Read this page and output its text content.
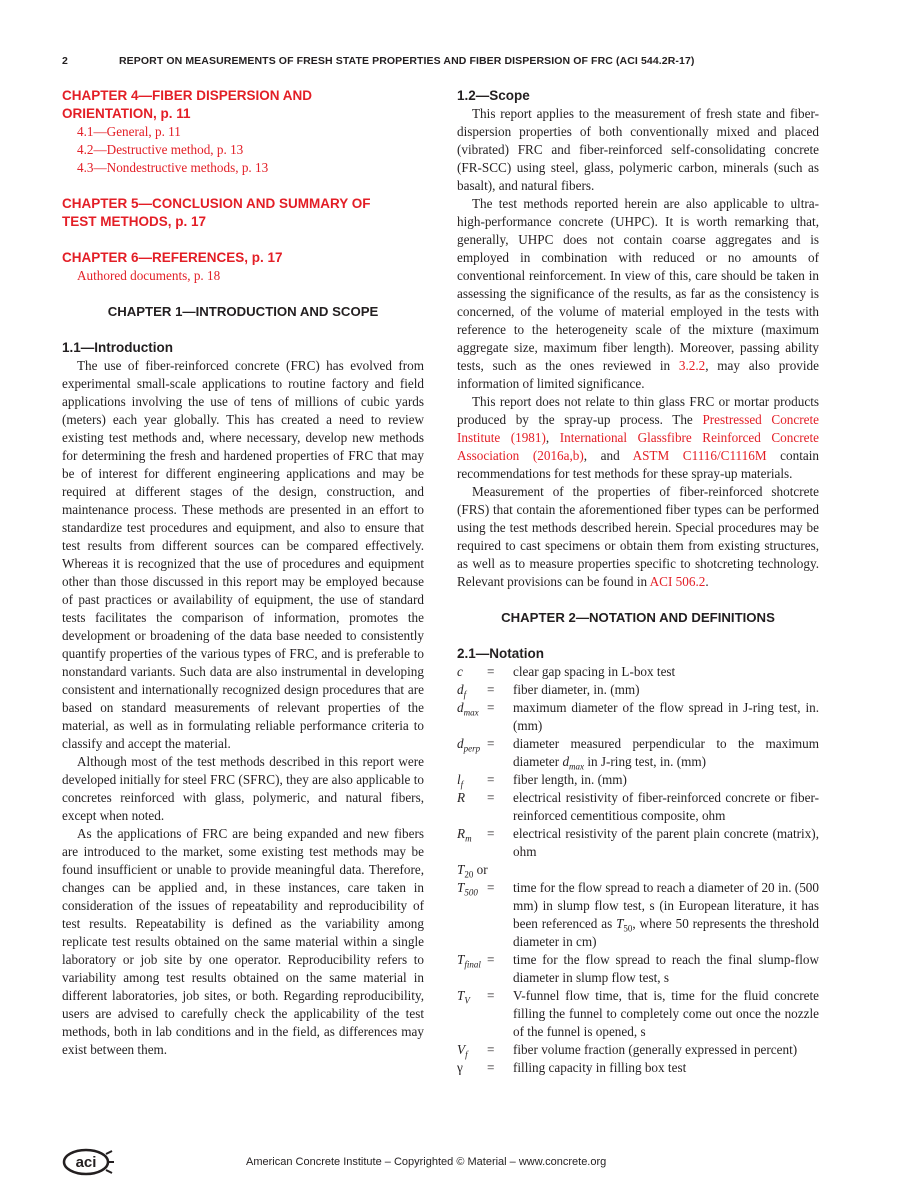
2	REPORT ON MEASUREMENTS OF FRESH STATE PROPERTIES AND FIBER DISPERSION OF FRC (ACI 544.2R-17)
CHAPTER 4—FIBER DISPERSION AND
ORIENTATION, p. 11
4.1—General, p. 11
4.2—Destructive method, p. 13
4.3—Nondestructive methods, p. 13
CHAPTER 5—CONCLUSION AND SUMMARY OF
TEST METHODS, p. 17
CHAPTER 6—REFERENCES, p. 17
Authored documents, p. 18
CHAPTER 1—INTRODUCTION AND SCOPE
1.1—Introduction

The use of fiber-reinforced concrete (FRC) has evolved from experimental small-scale applications to routine factory and field applications involving the use of tens of millions of cubic yards (meters) each year globally. This has created a need to review existing test methods and, where necessary, develop new methods for determining the fresh and hardened properties of FRC that may be of interest for different engineering applications and may be required at different stages of the design, construction, and maintenance process. These methods are presented in an effort to standardize test procedures and equipment, and also to ensure that test results from different sources can be compared effectively. Whereas it is recognized that the use of procedures and equipment other than those discussed in this report may be employed because of past practices or availability of equipment, the use of standard tests facilitates the comparison of information, promotes the development or broadening of the data base needed to consistently quantify properties of the various types of FRC, and is preferable to nonstandard variants. Such data are also instrumental in developing consistent and internationally recognized design procedures that are based on standard measurements of relevant properties of the material, as well as in formulating reliable performance criteria to classify and accept the material.

Although most of the test methods described in this report were developed initially for steel FRC (SFRC), they are also applicable to concretes reinforced with glass, polymeric, and natural fibers, except when noted.

As the applications of FRC are being expanded and new fibers are introduced to the market, some existing test methods may be found insufficient or unable to provide meaningful data. Therefore, changes can be applied and, in these instances, care taken in consideration of the issues of repeatability and reproducibility of test results. Repeatability is defined as the variability among replicate test results obtained on the same material within a single laboratory or job site by one operator. Reproducibility refers to variability among test results obtained on the same material in different laboratories, job sites, or both. Regarding reproducibility, users are advised to carefully check the applicability of the test methods, both in lab conditions and in the field, as differences may exist between them.

1.2—Scope

This report applies to the measurement of fresh state and fiber-dispersion properties of both conventionally mixed and placed (vibrated) FRC and fiber-reinforced self-consolidating concrete (FR-SCC) using steel, glass, polymeric carbon, minerals (such as basalt), and natural fibers.

The test methods reported herein are also applicable to ultra-high-performance concrete (UHPC). It is worth remarking that, generally, UHPC does not contain coarse aggregates and is employed in combination with reduced or no amounts of conventional reinforcement. In view of this, care should be taken in assessing the significance of the results, as far as the consistency is concerned, of the volume of material employed in the tests with reference to the heterogeneity scale of the mixture (maximum aggregate size, maximum fiber length). Moreover, passing ability tests, such as the ones reviewed in 3.2.2, may also provide information of limited significance.

This report does not relate to thin glass FRC or mortar products produced by the spray-up process. The Prestressed Concrete Institute (1981), International Glassfibre Reinforced Concrete Association (2016a,b), and ASTM C1116/C1116M contain recommendations for test methods for these spray-up materials.

Measurement of the properties of fiber-reinforced shotcrete (FRS) that contain the aforementioned fiber types can be performed using the test methods described herein. Special procedures may be required to cast specimens or obtain them from existing structures, as well as to measure properties specific to shotcreting technology. Relevant provisions can be found in ACI 506.2.

CHAPTER 2—NOTATION AND DEFINITIONS
2.1—Notation
c	=	clear gap spacing in L-box test
$d_f$	=	fiber diameter, in. (mm)
$d_{max}$ =	maximum diameter of the flow spread in J-ring test, in. (mm)
$d_{perp}$ =	diameter measured perpendicular to the maximum diameter $d_{max}$ in J-ring test, in. (mm)
$l_f$	=	fiber length, in. (mm)
R	=	electrical resistivity of fiber-reinforced concrete or fiber-reinforced cementitious composite, ohm
$R_m$	=	electrical resistivity of the parent plain concrete (matrix), ohm
$T_{20}$ or
$T_{500}$ =	time for the flow spread to reach a diameter of 20 in. (500 mm) in slump flow test, s (in European literature, it has been referenced as $T_{50}$, where 50 represents the threshold diameter in cm)
$T_{final}$ =	time for the flow spread to reach the final slump-flow diameter in slump flow test, s
$T_V$	=	V-funnel flow time, that is, time for the fluid concrete filling the funnel to completely come out once the nozzle of the funnel is opened, s
$V_f$	=	fiber volume fraction (generally expressed in percent)
γ	=	filling capacity in filling box test
aci	American Concrete Institute – Copyrighted © Material – www.concrete.org
